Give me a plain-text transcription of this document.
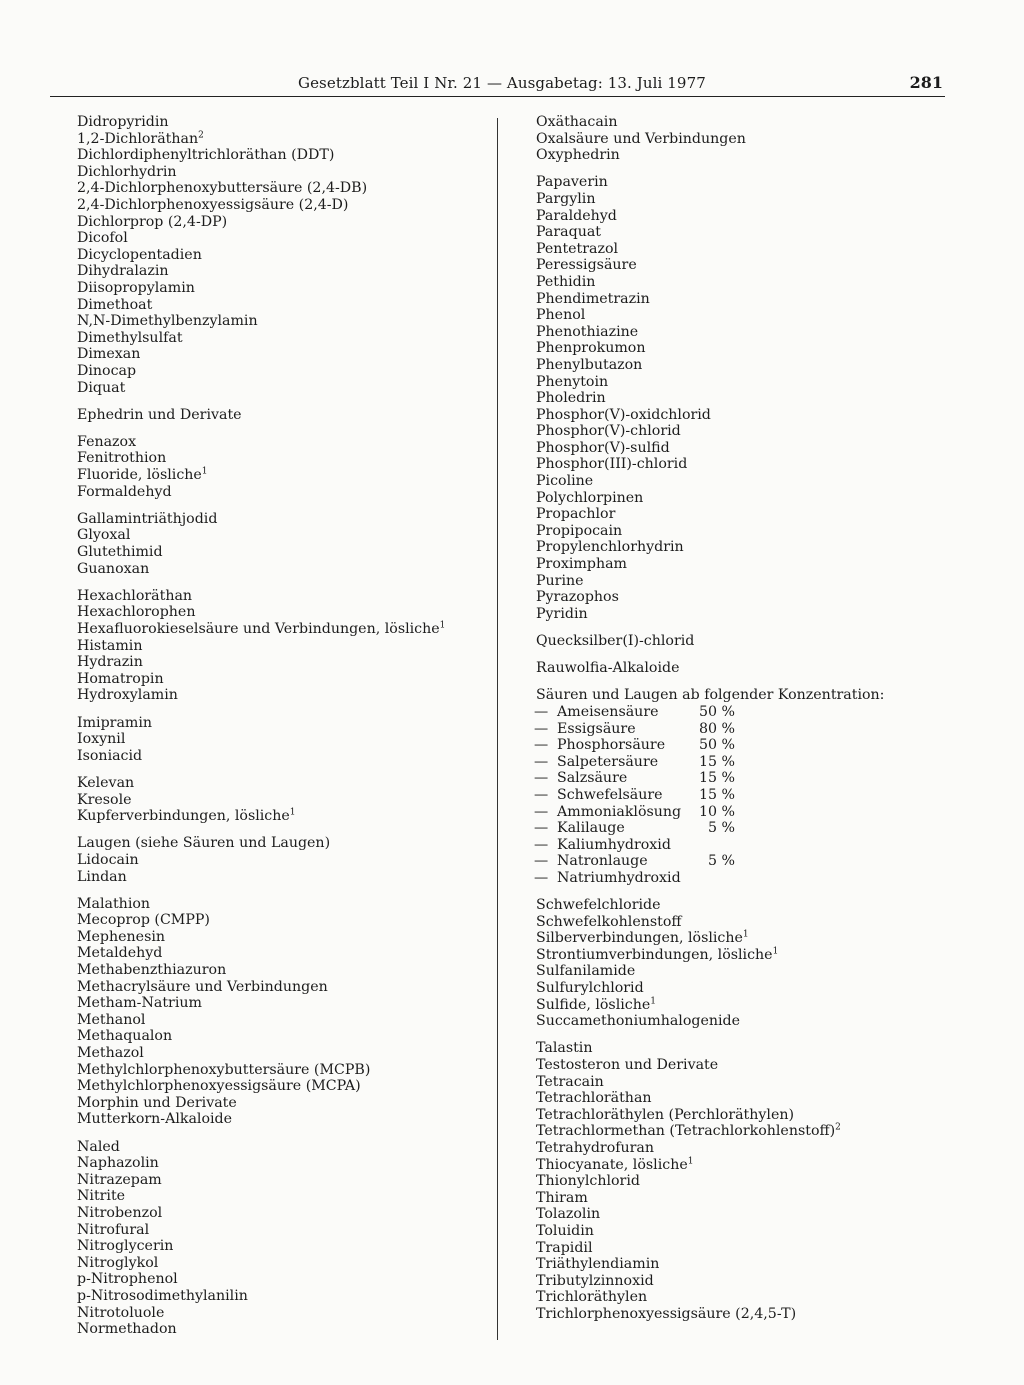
Gesetzblatt Teil I Nr. 21 — Ausgabetag: 13. Juli 1977	281
Didropyridin
1,2-Dichloräthan$^2$
Dichlordiphenyltrichloräthan (DDT)
Dichlorhydrin
2,4-Dichlorphenoxybuttersäure (2,4-DB)
2,4-Dichlorphenoxyessigsäure (2,4-D)
Dichlorprop (2,4-DP)
Dicofol
Dicyclopentadien
Dihydralazin
Diisopropylamin
Dimethoat
N,N-Dimethylbenzylamin
Dimethylsulfat
Dimexan
Dinocap
Diquat
Ephedrin und Derivate
Fenazox
Fenitrothion
Fluoride, lösliche$^1$
Formaldehyd
Gallamintriäthjodid
Glyoxal
Glutethimid
Guanoxan
Hexachloräthan
Hexachlorophen
Hexafluorokieselsäure und Verbindungen, lösliche$^1$
Histamin
Hydrazin
Homatropin
Hydroxylamin
Imipramin
Ioxynil
Isoniacid
Kelevan
Kresole
Kupferverbindungen, lösliche$^1$
Laugen (siehe Säuren und Laugen)
Lidocain
Lindan
Malathion
Mecoprop (CMPP)
Mephenesin
Metaldehyd
Methabenzthiazuron
Methacrylsäure und Verbindungen
Metham-Natrium
Methanol
Methaqualon
Methazol
Methylchlorphenoxybuttersäure (MCPB)
Methylchlorphenoxyessigsäure (MCPA)
Morphin und Derivate
Mutterkorn-Alkaloide
Naled
Naphazolin
Nitrazepam
Nitrite
Nitrobenzol
Nitrofural
Nitroglycerin
Nitroglykol
p-Nitrophenol
p-Nitrosodimethylanilin
Nitrotoluole
Normethadon
Oxäthacain
Oxalsäure und Verbindungen
Oxyphedrin
Papaverin
Pargylin
Paraldehyd
Paraquat
Pentetrazol
Peressigsäure
Pethidin
Phendimetrazin
Phenol
Phenothiazine
Phenprokumon
Phenylbutazon
Phenytoin
Pholedrin
Phosphor(V)-oxidchlorid
Phosphor(V)-chlorid
Phosphor(V)-sulfid
Phosphor(III)-chlorid
Picoline
Polychlorpinen
Propachlor
Propipocain
Propylenchlorhydrin
Proximpham
Purine
Pyrazophos
Pyridin
Quecksilber(I)-chlorid
Rauwolfia-Alkaloide
Säuren und Laugen ab folgender Konzentration:
— Ameisensäure	50 %
— Essigsäure	80 %
— Phosphorsäure	50 %
— Salpetersäure	15 %
— Salzsäure	15 %
— Schwefelsäure	15 %
— Ammoniaklösung	10 %
— Kalilauge	5 %
— Kaliumhydroxid
— Natronlauge	5 %
— Natriumhydroxid
Schwefelchloride
Schwefelkohlenstoff
Silberverbindungen, lösliche$^1$
Strontiumverbindungen, lösliche$^1$
Sulfanilamide
Sulfurylchlorid
Sulfide, lösliche$^1$
Succamethoniumhalogenide
Talastin
Testosteron und Derivate
Tetracain
Tetrachloräthan
Tetrachloräthylen (Perchloräthylen)
Tetrachlormethan (Tetrachlorkohlenstoff)$^2$
Tetrahydrofuran
Thiocyanate, lösliche$^1$
Thionylchlorid
Thiram
Tolazolin
Toluidin
Trapidil
Triäthylendiamin
Tributylzinnoxid
Trichloräthylen
Trichlorphenoxyessigsäure (2,4,5-T)
